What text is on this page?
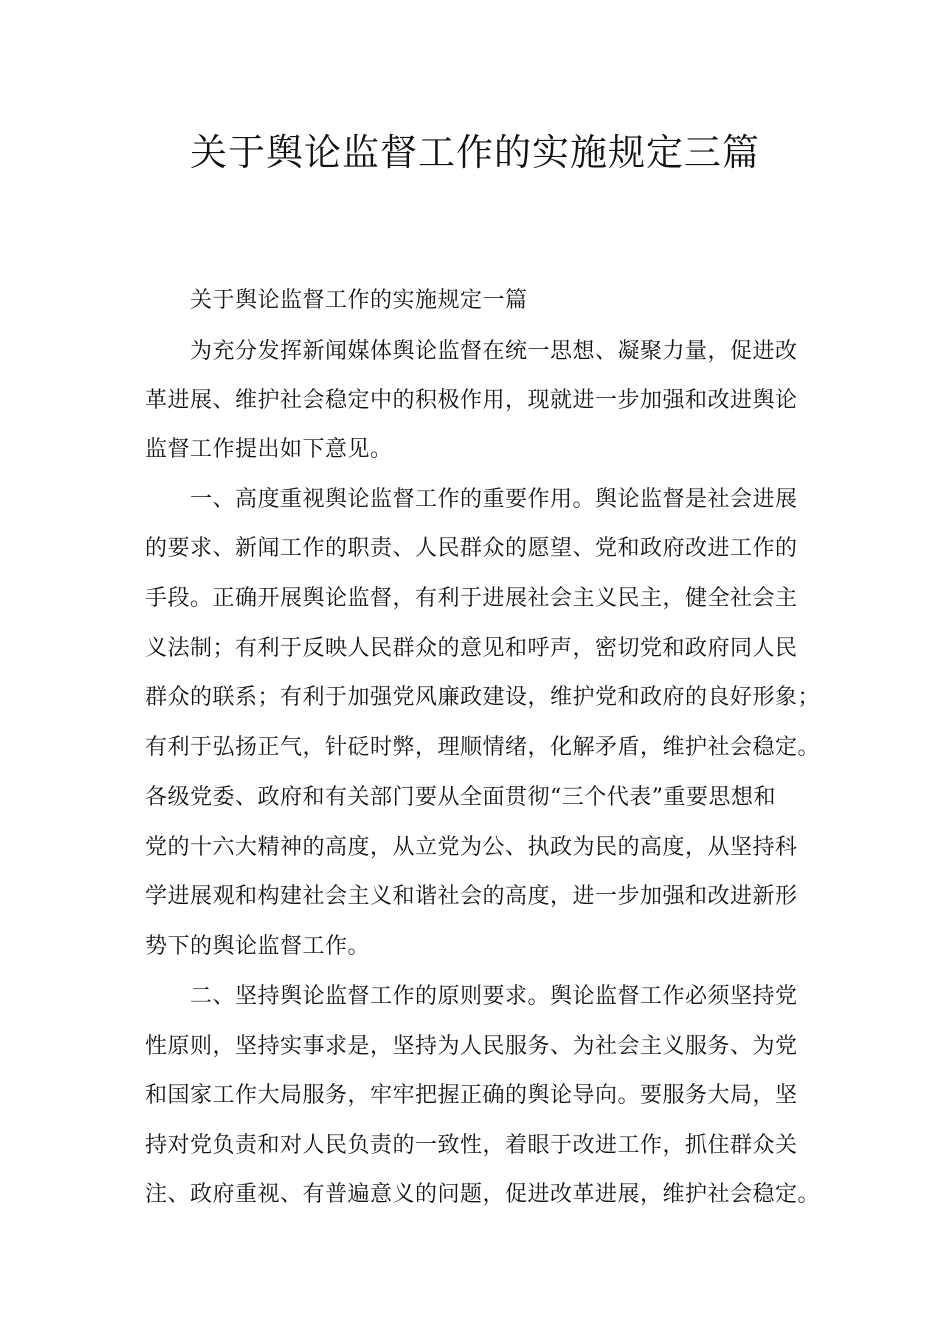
关于舆论监督工作的实施规定三篇
关于舆论监督工作的实施规定一篇
为充分发挥新闻媒体舆论监督在统一思想、凝聚力量，促进改
革进展、维护社会稳定中的积极作用，现就进一步加强和改进舆论
监督工作提出如下意见。
一、高度重视舆论监督工作的重要作用。舆论监督是社会进展
的要求、新闻工作的职责、人民群众的愿望、党和政府改进工作的
手段。正确开展舆论监督，有利于进展社会主义民主，健全社会主
义法制；有利于反映人民群众的意见和呼声，密切党和政府同人民
群众的联系；有利于加强党风廉政建设，维护党和政府的良好形象；
有利于弘扬正气，针砭时弊，理顺情绪，化解矛盾，维护社会稳定。
各级党委、政府和有关部门要从全面贯彻“三个代表”重要思想和
党的十六大精神的高度，从立党为公、执政为民的高度，从坚持科
学进展观和构建社会主义和谐社会的高度，进一步加强和改进新形
势下的舆论监督工作。
二、坚持舆论监督工作的原则要求。舆论监督工作必须坚持党
性原则，坚持实事求是，坚持为人民服务、为社会主义服务、为党
和国家工作大局服务，牢牢把握正确的舆论导向。要服务大局，坚
持对党负责和对人民负责的一致性，着眼于改进工作，抓住群众关
注、政府重视、有普遍意义的问题，促进改革进展，维护社会稳定。
